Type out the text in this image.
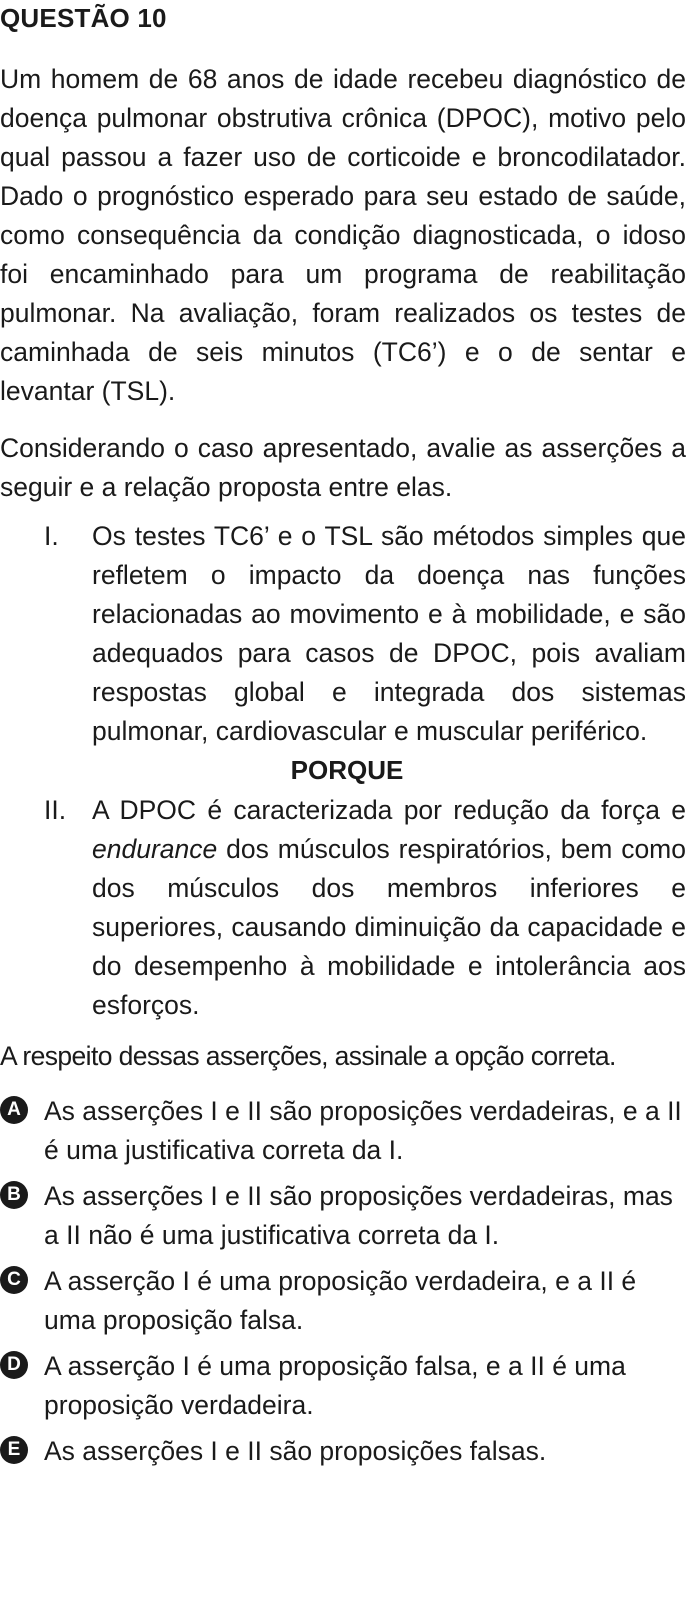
QUESTÃO 10

Um homem de 68 anos de idade recebeu diagnóstico de doença pulmonar obstrutiva crônica (DPOC), motivo pelo qual passou a fazer uso de corticoide e broncodilatador. Dado o prognóstico esperado para seu estado de saúde, como consequência da condição diagnosticada, o idoso foi encaminhado para um programa de reabilitação pulmonar. Na avaliação, foram realizados os testes de caminhada de seis minutos (TC6’) e o de sentar e levantar (TSL).

Considerando o caso apresentado, avalie as asserções a seguir e a relação proposta entre elas.

I.	Os testes TC6’ e o TSL são métodos simples que refletem o impacto da doença nas funções relacionadas ao movimento e à mobilidade, e são adequados para casos de DPOC, pois avaliam respostas global e integrada dos sistemas pulmonar, cardiovascular e muscular periférico.

PORQUE

II. A DPOC é caracterizada por redução da força e endurance dos músculos respiratórios, bem como dos músculos dos membros inferiores e superiores, causando diminuição da capacidade e do desempenho à mobilidade e intolerância aos esforços.
A respeito dessas asserções, assinale a opção correta.
A As asserções I e II são proposições verdadeiras, e a II é uma justificativa correta da I.
B As asserções I e II são proposições verdadeiras, mas a II não é uma justificativa correta da I.
C A asserção I é uma proposição verdadeira, e a II é uma proposição falsa.
D A asserção I é uma proposição falsa, e a II é uma proposição verdadeira.
E As asserções I e II são proposições falsas.
